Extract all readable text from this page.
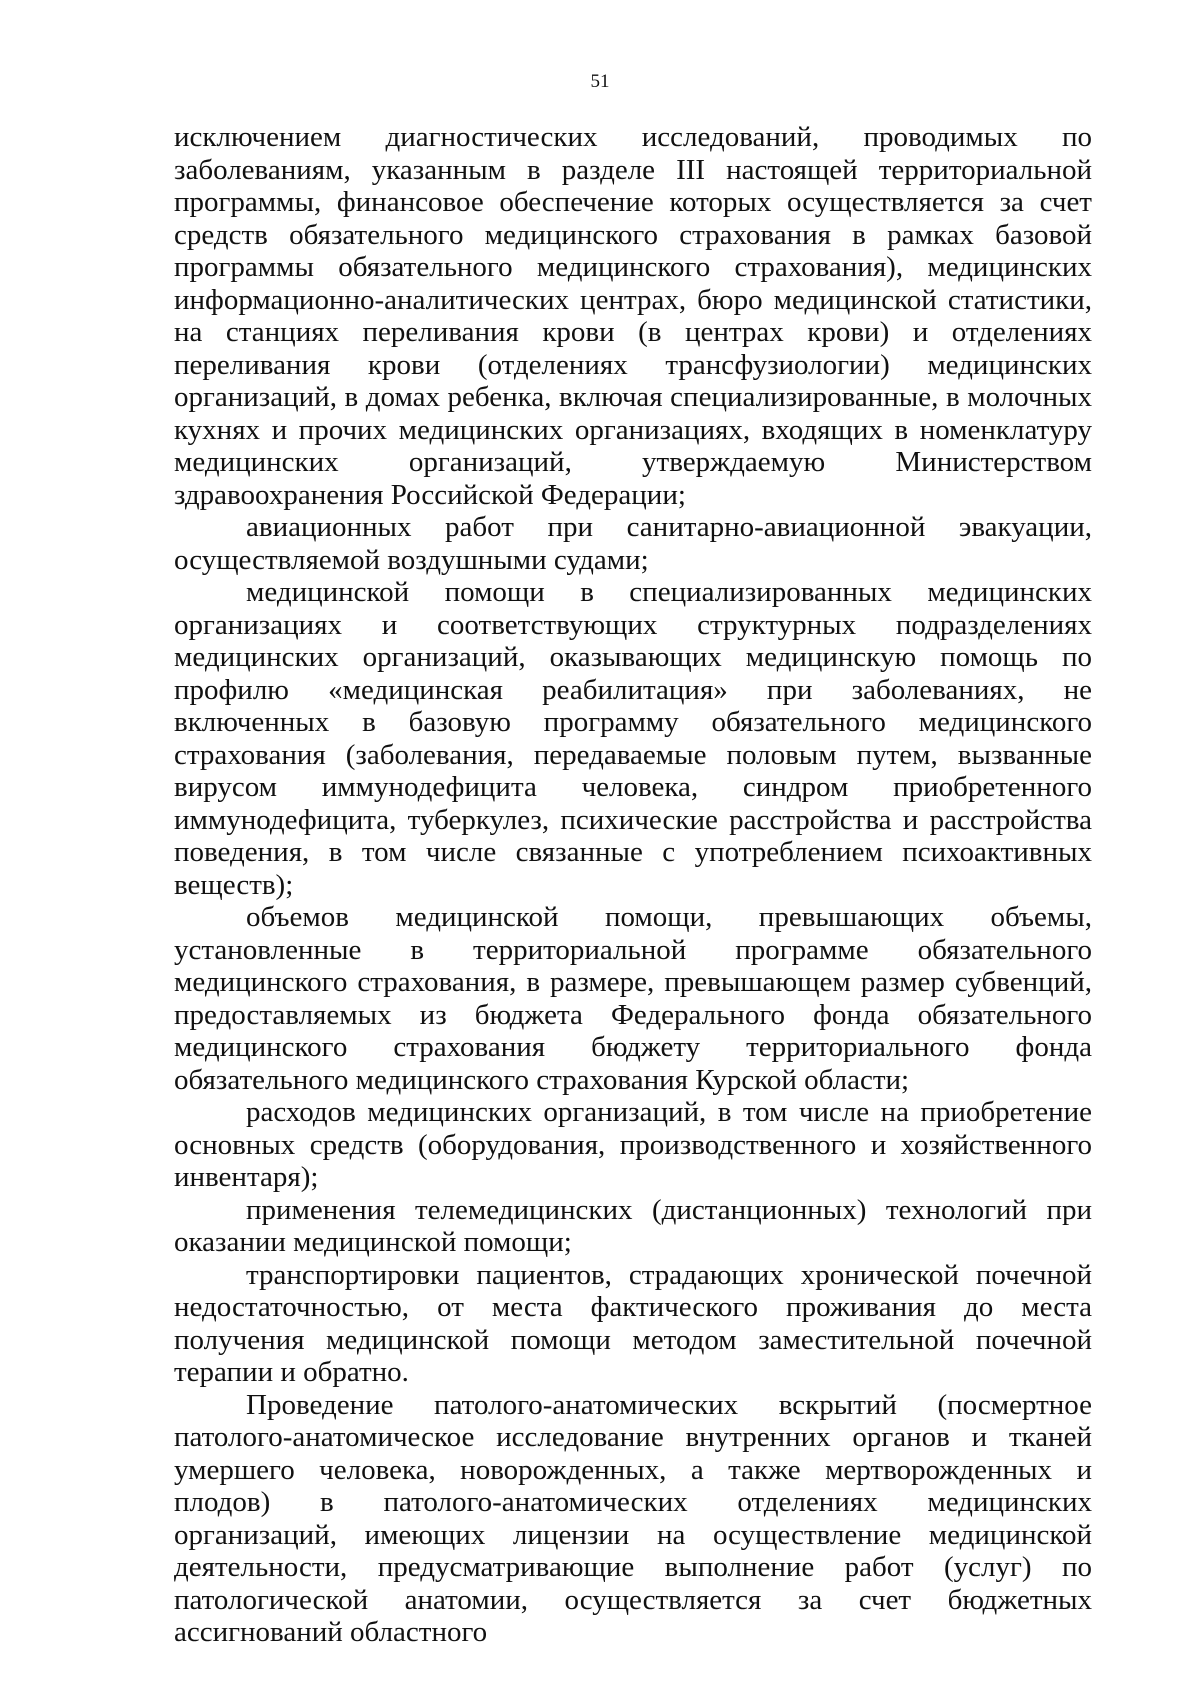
51

исключением диагностических исследований, проводимых по заболеваниям, указанным в разделе III настоящей территориальной программы, финансовое обеспечение которых осуществляется за счет средств обязательного медицинского страхования в рамках базовой программы обязательного медицинского страхования), медицинских информационно-аналитических центрах, бюро медицинской статистики, на станциях переливания крови (в центрах крови) и отделениях переливания крови (отделениях трансфузиологии) медицинских организаций, в домах ребенка, включая специализированные, в молочных кухнях и прочих медицинских организациях, входящих в номенклатуру медицинских организаций, утверждаемую Министерством здравоохранения Российской Федерации;

авиационных работ при санитарно-авиационной эвакуации, осуществляемой воздушными судами;

медицинской помощи в специализированных медицинских организациях и соответствующих структурных подразделениях медицинских организаций, оказывающих медицинскую помощь по профилю «медицинская реабилитация» при заболеваниях, не включенных в базовую программу обязательного медицинского страхования (заболевания, передаваемые половым путем, вызванные вирусом иммунодефицита человека, синдром приобретенного иммунодефицита, туберкулез, психические расстройства и расстройства поведения, в том числе связанные с употреблением психоактивных веществ);

объемов медицинской помощи, превышающих объемы, установленные в территориальной программе обязательного медицинского страхования, в размере, превышающем размер субвенций, предоставляемых из бюджета Федерального фонда обязательного медицинского страхования бюджету территориального фонда обязательного медицинского страхования Курской области;

расходов медицинских организаций, в том числе на приобретение основных средств (оборудования, производственного и хозяйственного инвентаря);

применения телемедицинских (дистанционных) технологий при оказании медицинской помощи;

транспортировки пациентов, страдающих хронической почечной недостаточностью, от места фактического проживания до места получения медицинской помощи методом заместительной почечной терапии и обратно.

Проведение патолого-анатомических вскрытий (посмертное патолого-анатомическое исследование внутренних органов и тканей умершего человека, новорожденных, а также мертворожденных и плодов) в патолого-анатомических отделениях медицинских организаций, имеющих лицензии на осуществление медицинской деятельности, предусматривающие выполнение работ (услуг) по патологической анатомии, осуществляется за счет бюджетных ассигнований областного
